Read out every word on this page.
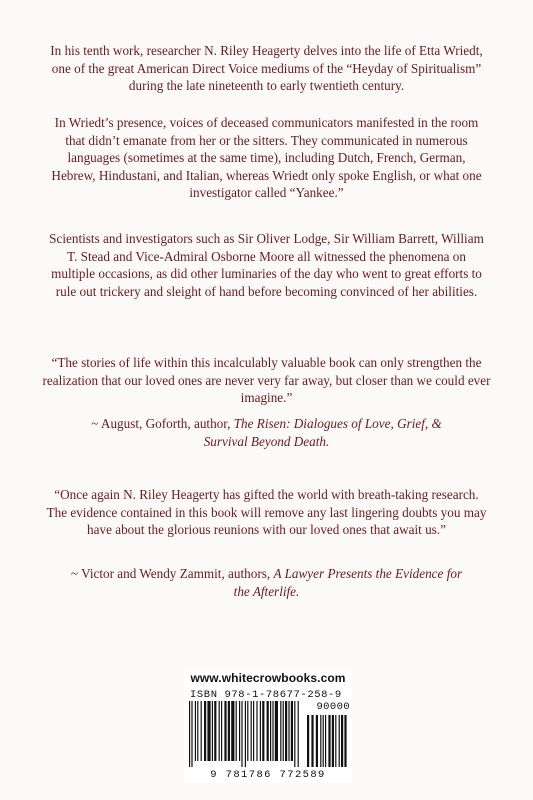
In his tenth work, researcher N. Riley Heagerty delves into the life of Etta Wriedt, one of the great American Direct Voice mediums of the “Heyday of Spiritualism” during the late nineteenth to early twentieth century.

In Wriedt’s presence, voices of deceased communicators manifested in the room that didn’t emanate from her or the sitters. They communicated in numerous languages (sometimes at the same time), including Dutch, French, German, Hebrew, Hindustani, and Italian, whereas Wriedt only spoke English, or what one investigator called “Yankee.”

Scientists and investigators such as Sir Oliver Lodge, Sir William Barrett, William T. Stead and Vice-Admiral Osborne Moore all witnessed the phenomena on multiple occasions, as did other luminaries of the day who went to great efforts to rule out trickery and sleight of hand before becoming convinced of her abilities.

“The stories of life within this incalculably valuable book can only strengthen the realization that our loved ones are never very far away, but closer than we could ever imagine.”

~ August, Goforth, author, The Risen: Dialogues of Love, Grief, & Survival Beyond Death.

“Once again N. Riley Heagerty has gifted the world with breath-taking research. The evidence contained in this book will remove any last lingering doubts you may have about the glorious reunions with our loved ones that await us.”

~ Victor and Wendy Zammit, authors, A Lawyer Presents the Evidence for the Afterlife.

www.whitecrowbooks.com
ISBN 978-1-78677-258-9
90000
9 781786 772589
